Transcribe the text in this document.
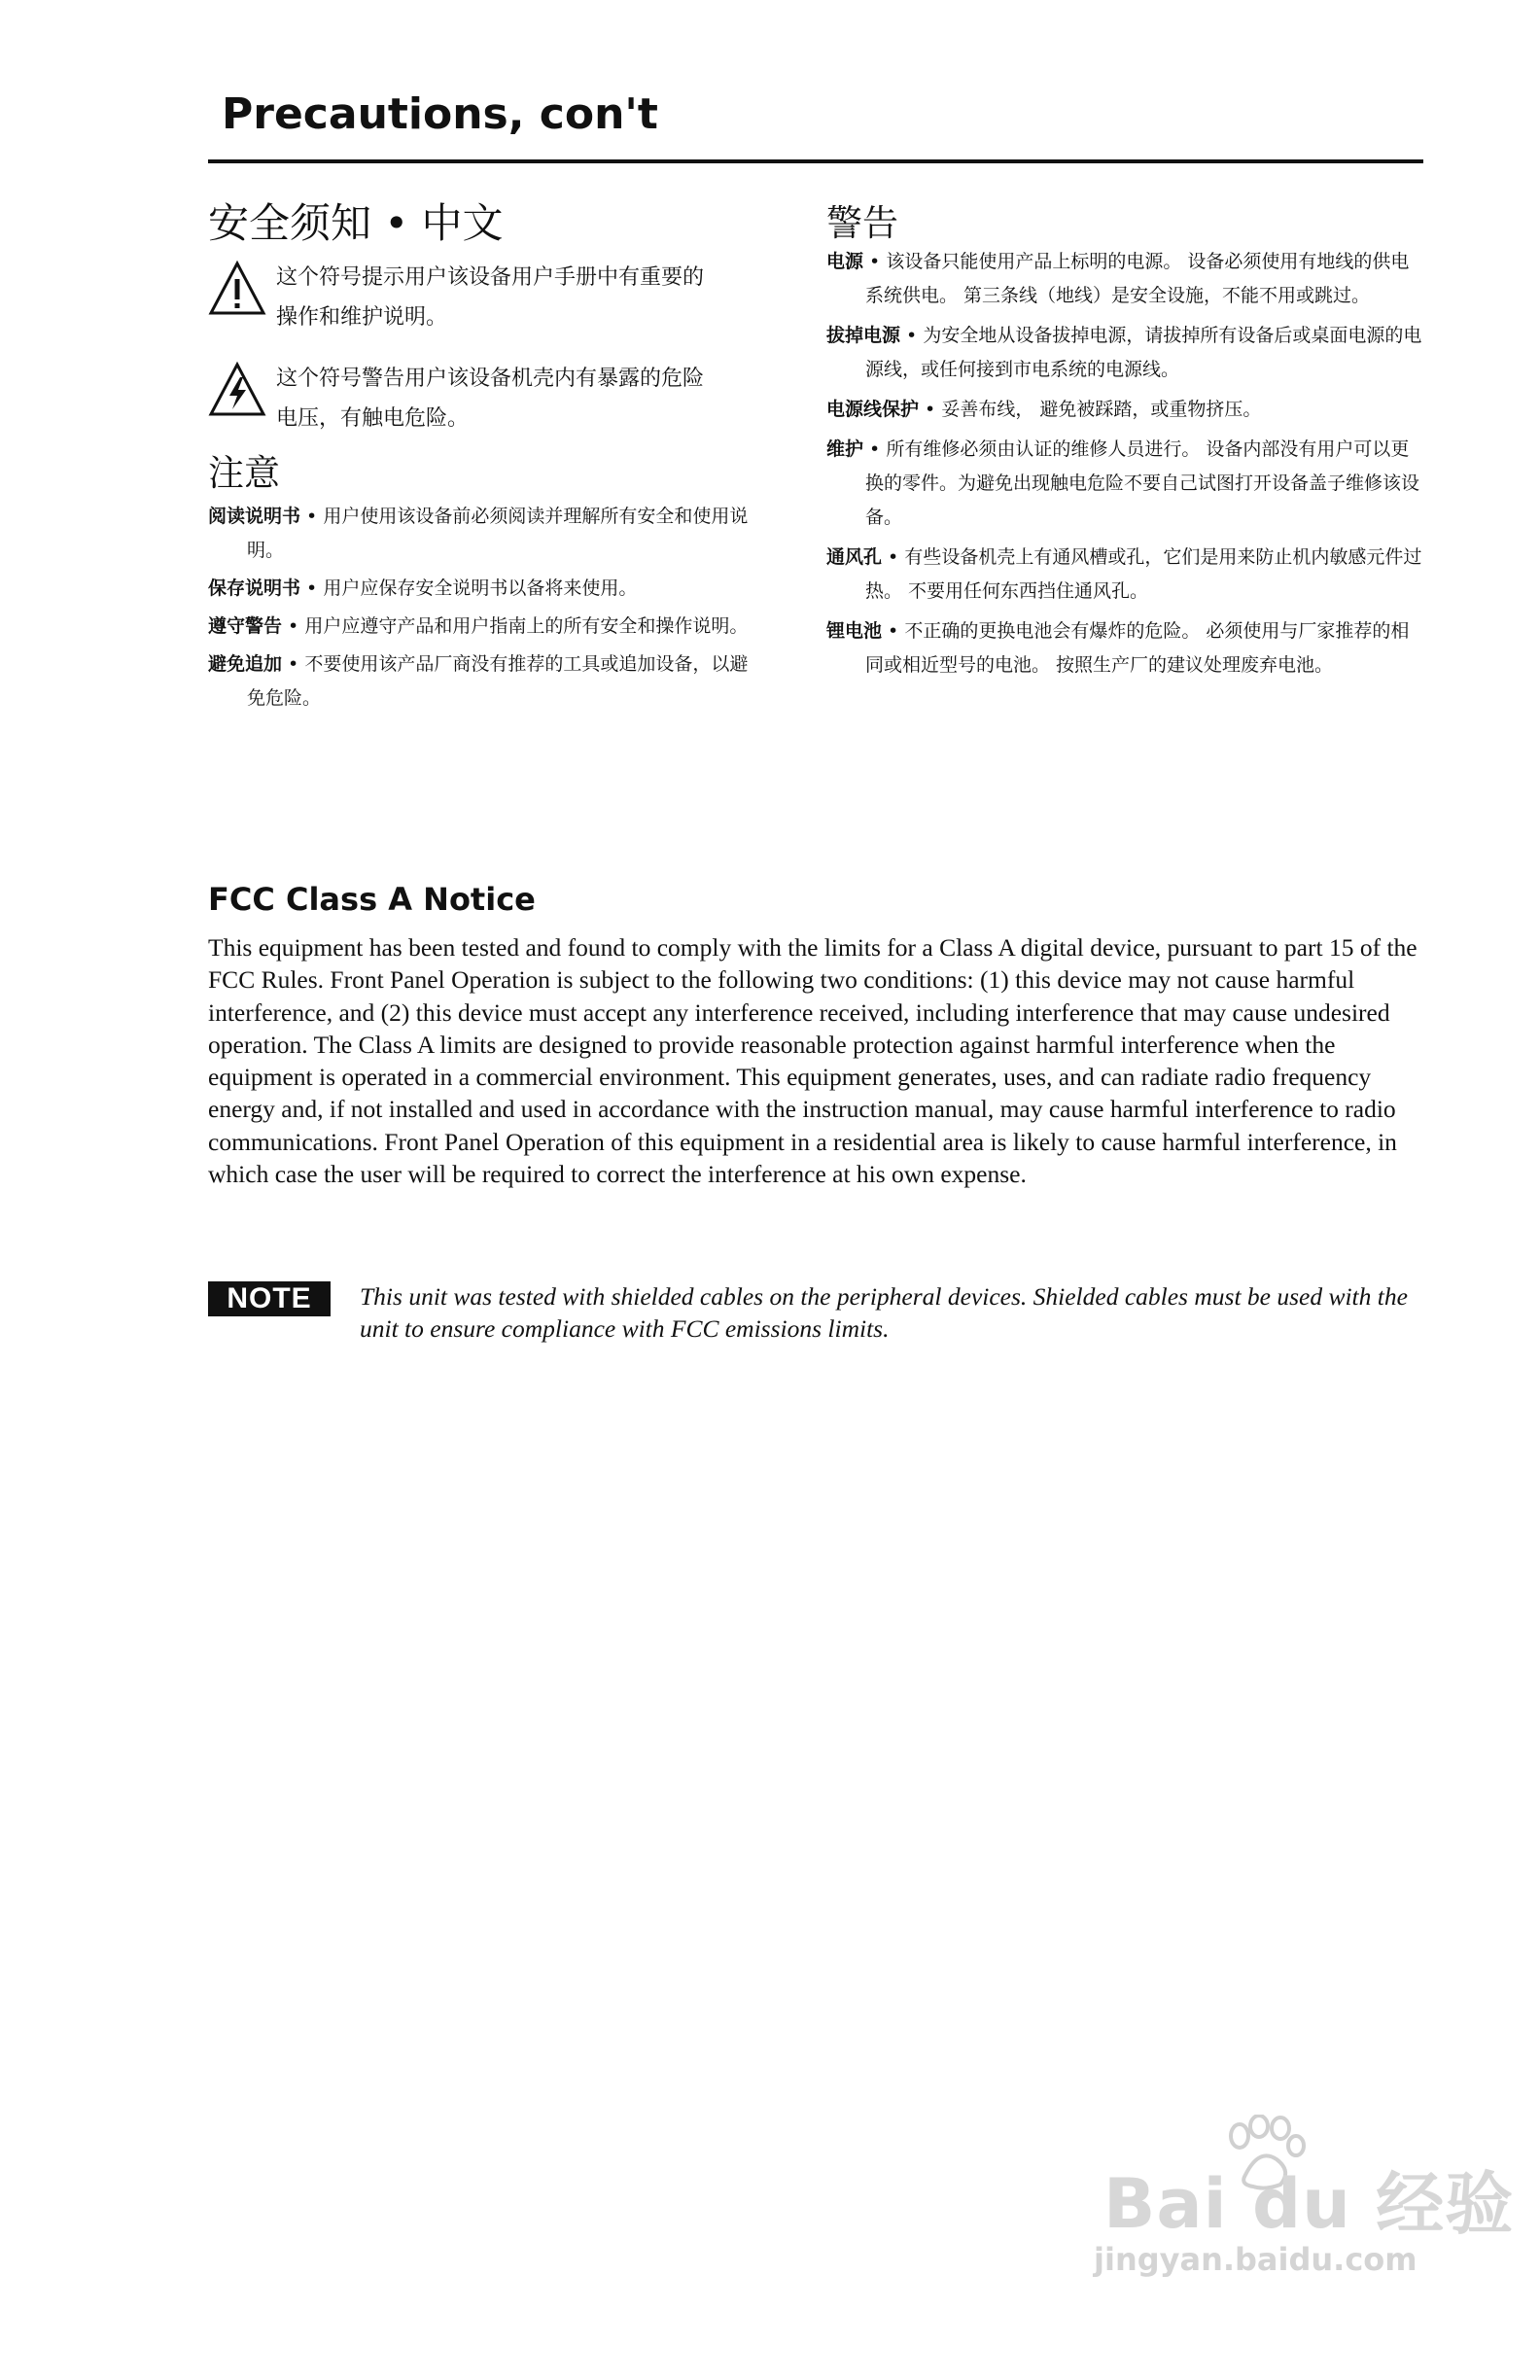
Precautions, con't
安全须知 • 中文
这个符号提示用户该设备用户手册中有重要的操作和维护说明。
这个符号警告用户该设备机壳内有暴露的危险电压，有触电危险。
注意
阅读说明书 • 用户使用该设备前必须阅读并理解所有安全和使用说明。
保存说明书 • 用户应保存安全说明书以备将来使用。
遵守警告 • 用户应遵守产品和用户指南上的所有安全和操作说明。
避免追加 • 不要使用该产品厂商没有推荐的工具或追加设备，以避免危险。
警告
电源 • 该设备只能使用产品上标明的电源。 设备必须使用有地线的供电系统供电。 第三条线（地线）是安全设施，不能不用或跳过。
拔掉电源 • 为安全地从设备拔掉电源，请拔掉所有设备后或桌面电源的电源线，或任何接到市电系统的电源线。
电源线保护 • 妥善布线， 避免被踩踏，或重物挤压。
维护 • 所有维修必须由认证的维修人员进行。 设备内部没有用户可以更换的零件。为避免出现触电危险不要自己试图打开设备盖子维修该设备。
通风孔 • 有些设备机壳上有通风槽或孔，它们是用来防止机内敏感元件过热。 不要用任何东西挡住通风孔。
锂电池 • 不正确的更换电池会有爆炸的危险。 必须使用与厂家推荐的相同或相近型号的电池。 按照生产厂的建议处理废弃电池。
FCC Class A Notice

This equipment has been tested and found to comply with the limits for a Class A digital device, pursuant to part 15 of the FCC Rules. Front Panel Operation is subject to the following two conditions: (1) this device may not cause harmful interference, and (2) this device must accept any interference received, including interference that may cause undesired operation. The Class A limits are designed to provide reasonable protection against harmful interference when the equipment is operated in a commercial environment. This equipment generates, uses, and can radiate radio frequency energy and, if not installed and used in accordance with the instruction manual, may cause harmful interference to radio communications. Front Panel Operation of this equipment in a residential area is likely to cause harmful interference, in which case the user will be required to correct the interference at his own expense.

NOTE	This unit was tested with shielded cables on the peripheral devices. Shielded cables must be used with the unit to ensure compliance with FCC emissions limits.

Bai du 经验
jingyan.baidu.com
